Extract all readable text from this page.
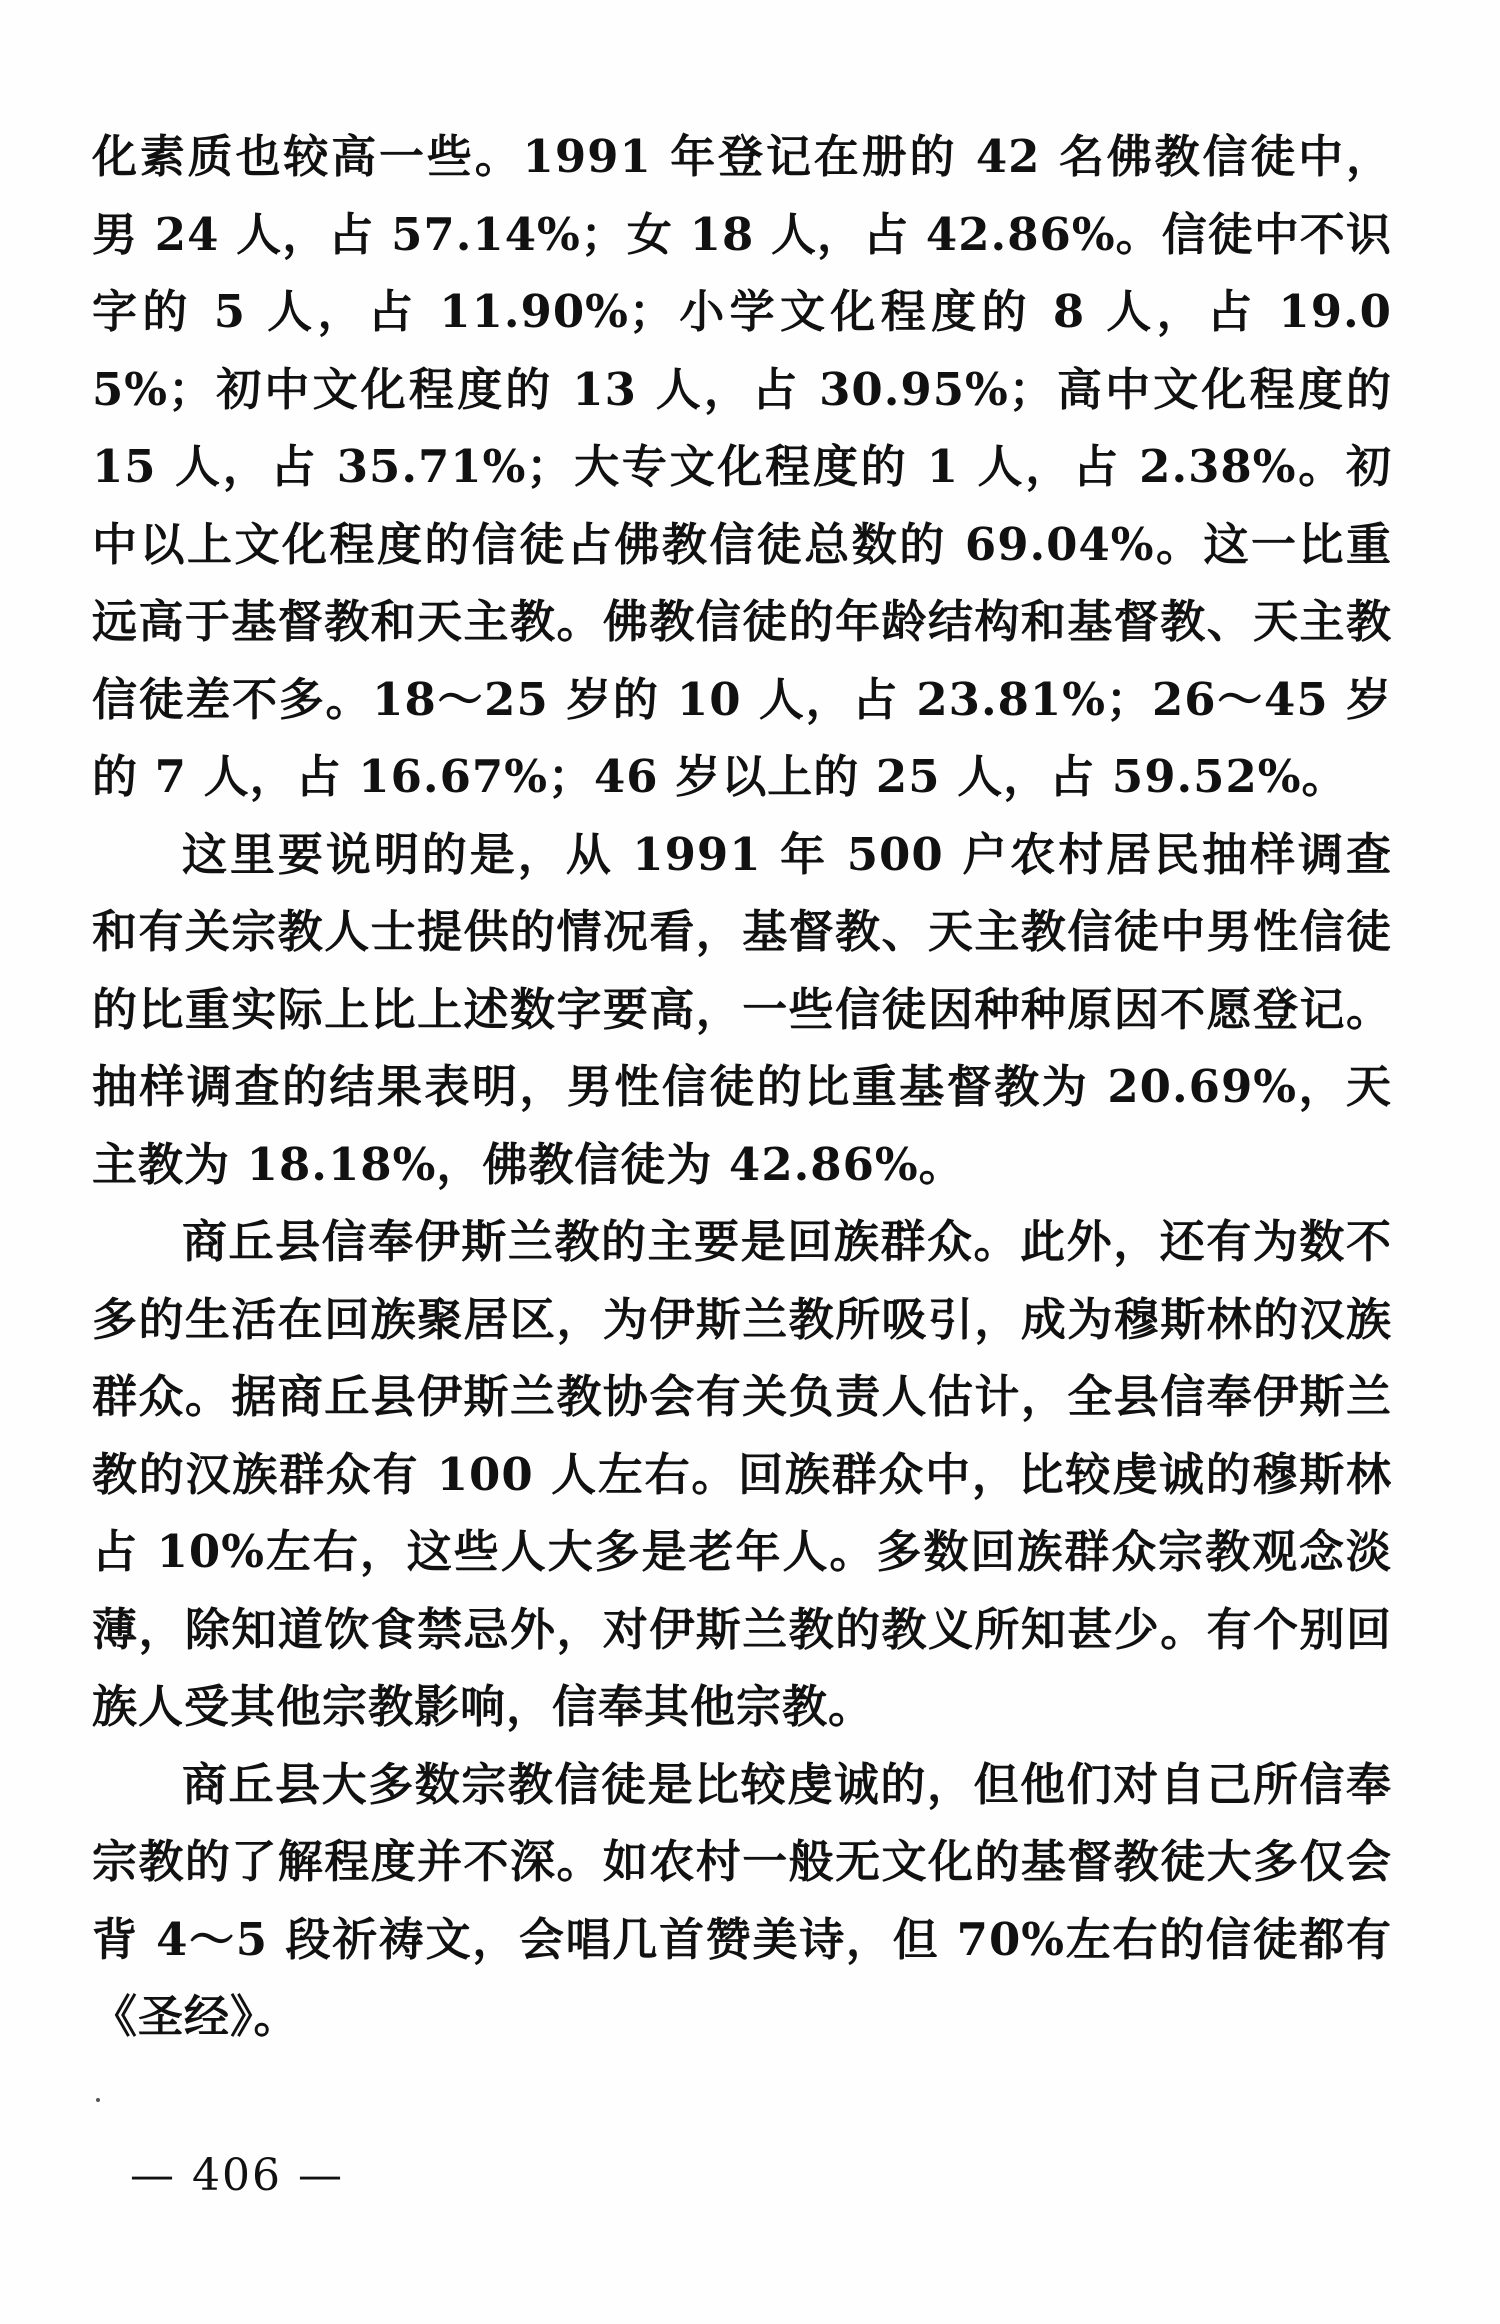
化素质也较高一些。1991 年登记在册的 42 名佛教信徒中，男 24 人，占 57.14%；女 18 人，占 42.86%。信徒中不识字的 5 人，占 11.90%；小学文化程度的 8 人，占 19.05%；初中文化程度的 13 人，占 30.95%；高中文化程度的 15 人，占 35.71%；大专文化程度的 1 人，占 2.38%。初中以上文化程度的信徒占佛教信徒总数的 69.04%。这一比重远高于基督教和天主教。佛教信徒的年龄结构和基督教、天主教信徒差不多。18～25 岁的 10 人，占 23.81%；26～45 岁的 7 人，占 16.67%；46 岁以上的 25 人，占 59.52%。

这里要说明的是，从 1991 年 500 户农村居民抽样调查和有关宗教人士提供的情况看，基督教、天主教信徒中男性信徒的比重实际上比上述数字要高，一些信徒因种种原因不愿登记。抽样调查的结果表明，男性信徒的比重基督教为 20.69%，天主教为 18.18%，佛教信徒为 42.86%。

商丘县信奉伊斯兰教的主要是回族群众。此外，还有为数不多的生活在回族聚居区，为伊斯兰教所吸引，成为穆斯林的汉族群众。据商丘县伊斯兰教协会有关负责人估计，全县信奉伊斯兰教的汉族群众有 100 人左右。回族群众中，比较虔诚的穆斯林占 10%左右，这些人大多是老年人。多数回族群众宗教观念淡薄，除知道饮食禁忌外，对伊斯兰教的教义所知甚少。有个别回族人受其他宗教影响，信奉其他宗教。

商丘县大多数宗教信徒是比较虔诚的，但他们对自己所信奉宗教的了解程度并不深。如农村一般无文化的基督教徒大多仅会背 4～5 段祈祷文，会唱几首赞美诗，但 70%左右的信徒都有《圣经》。

— 406 —
